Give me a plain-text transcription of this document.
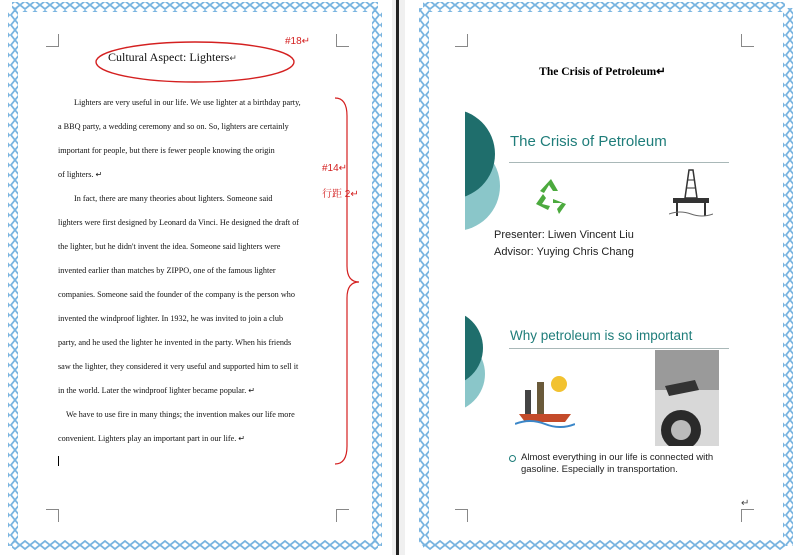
Cultural Aspect: Lighters↵
#18↵
#14↵
行距 2↵
Lighters are very useful in our life. We use lighter at a birthday party,
a BBQ party, a wedding ceremony and so on. So, lighters are certainly
important for people, but there is fewer people knowing the origin
of lighters. ↵
In fact, there are many theories about lighters. Someone said
lighters were first designed by Leonard da Vinci. He designed the draft of
the lighter, but he didn't invent the idea. Someone said lighters were
invented earlier than matches by ZIPPO, one of the famous lighter
companies. Someone said the founder of the company is the person who
invented the windproof lighter. In 1932, he was invited to join a club
party, and he used the lighter he invented in the party. When his friends
saw the lighter, they considered it very useful and supported him to sell it
in the world. Later the windproof lighter became popular. ↵
We have to use fire in many things; the invention makes our life more
convenient. Lighters play an important part in our life. ↵
The Crisis of Petroleum↵
The Crisis of Petroleum
Presenter: Liwen Vincent Liu
Advisor: Yuying Chris Chang
Why petroleum is so important
Almost everything in our life is connected with gasoline. Especially in transportation.
↵
